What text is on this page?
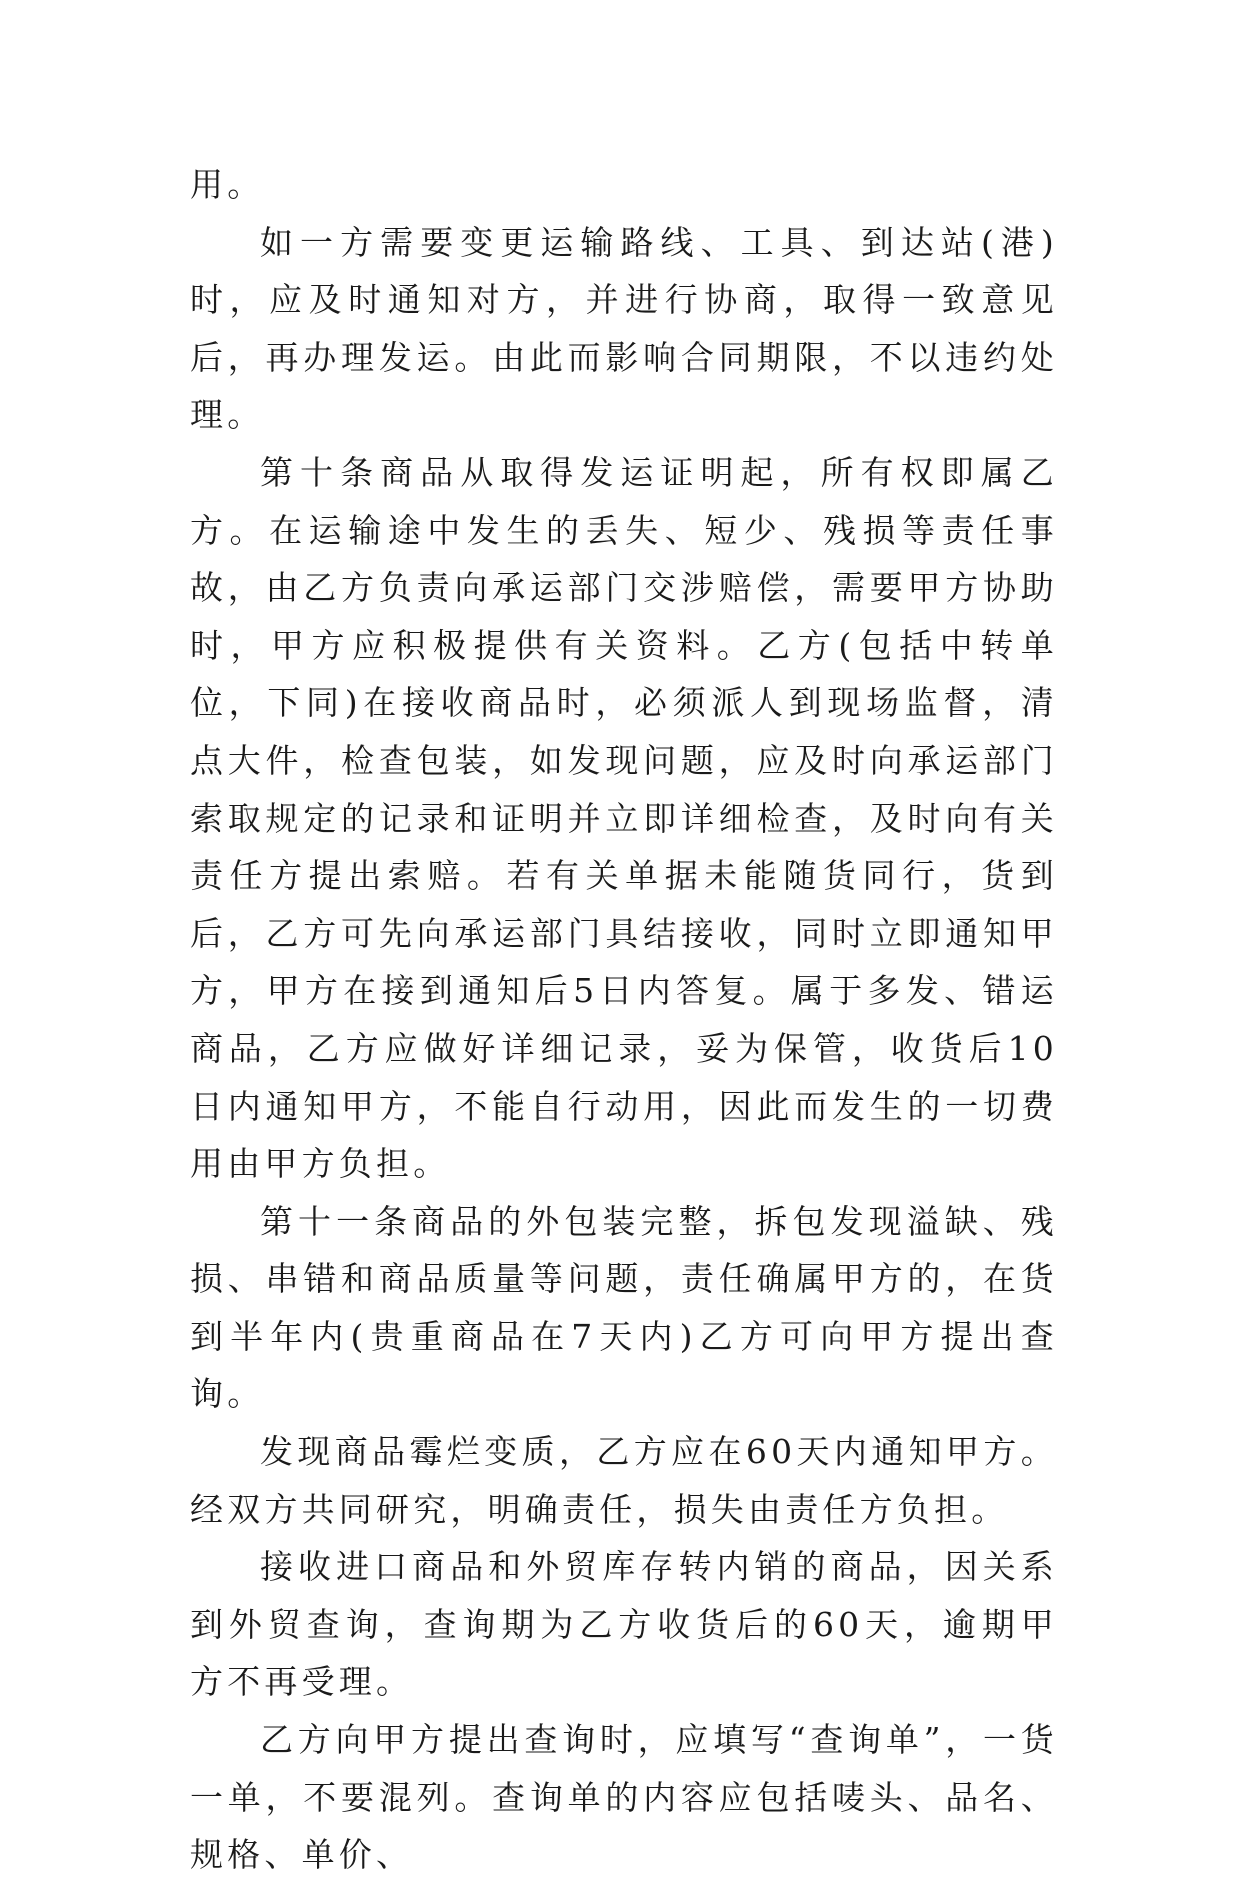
用。

如一方需要变更运输路线、工具、到达站(港)时，应及时通知对方，并进行协商，取得一致意见后，再办理发运。由此而影响合同期限，不以违约处理。

第十条商品从取得发运证明起，所有权即属乙方。在运输途中发生的丢失、短少、残损等责任事故，由乙方负责向承运部门交涉赔偿，需要甲方协助时，甲方应积极提供有关资料。乙方(包括中转单位，下同)在接收商品时，必须派人到现场监督，清点大件，检查包装，如发现问题，应及时向承运部门索取规定的记录和证明并立即详细检查，及时向有关责任方提出索赔。若有关单据未能随货同行，货到后，乙方可先向承运部门具结接收，同时立即通知甲方，甲方在接到通知后5日内答复。属于多发、错运商品，乙方应做好详细记录，妥为保管，收货后10日内通知甲方，不能自行动用，因此而发生的一切费用由甲方负担。

第十一条商品的外包装完整，拆包发现溢缺、残损、串错和商品质量等问题，责任确属甲方的，在货到半年内(贵重商品在7天内)乙方可向甲方提出查询。

发现商品霉烂变质，乙方应在60天内通知甲方。经双方共同研究，明确责任，损失由责任方负担。

接收进口商品和外贸库存转内销的商品，因关系到外贸查询，查询期为乙方收货后的60天，逾期甲方不再受理。

乙方向甲方提出查询时，应填写“查询单”，一货一单，不要混列。查询单的内容应包括唛头、品名、规格、单价、
